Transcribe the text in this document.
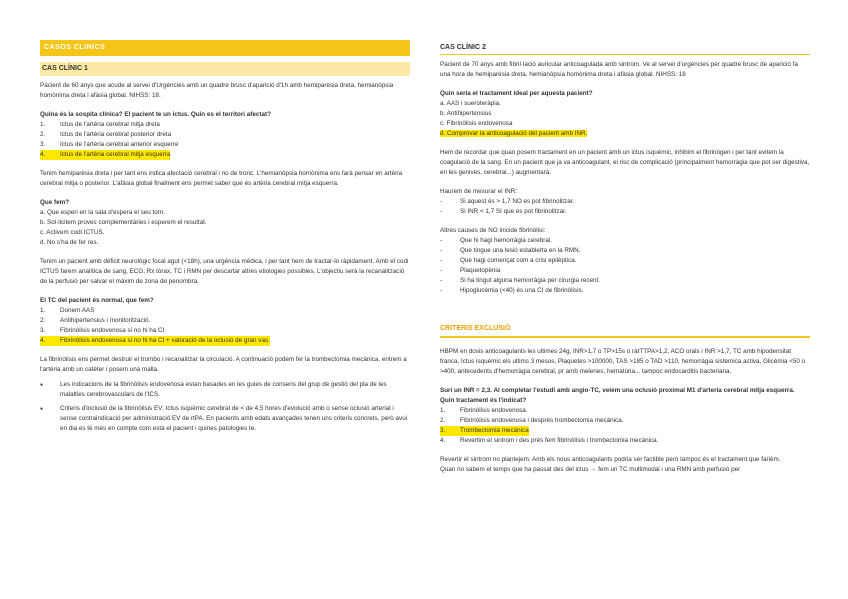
CASOS CLINICS
CAS CLÍNIC 1

Pacient de 60 anys que acude al servei d'Urgències amb un quadre brusc d'aparició d'1h amb hemiparèsia dreta, hemianòpsia homònima dreta i afàsia global. NIHSS: 18.

Quina és la sospita clínica? El pacient te un ictus. Quin es el territori afectat?

1.	Ictus de l'artèria cerebral mitja dreta
2.	Ictus de l'artèria cerebral posterior dreta
3.	Ictus de l'artèria cerebral anterior esquerre
4.	Ictus de l'artèria cerebral mitja esquerra

Tenim hemiparèsia dreta i per tant ens indica afectació cerebral i no de tronc. L'hemianòpsia homònima ens farà pensar en artèria cerebral mitja o posterior. L'afàsia global finalment ens permet saber que és artèria cerebral mitja esquerra.

Que fem?

a. Que esperi en la sala d'espera el seu torn.

b. Sol·licitem proves complementàries i esperem el resultat.

c. Activem codi ICTUS.

d. No s'ha de fer res.

Tenim un pacient amb dèficit neurològic focal agut (<18h), una urgència mèdica, i per tant hem de tractar-lo ràpidament. Amb el codi ICTUS farem analítica de sang, ECG, Rx tòrax, TC i RMN per descartar altres etiologies possibles. L'objectiu serà la recanalització de la perfusió per salvar el màxim de zona de penombra.

El TC del pacient és normal, que fem?

1.	Donem AAS
2.	Antihipertensius i monitorització.
3.	Fibrinòlisis endovenosa si no hi ha CI
4.	Fibrinòlisis endovenosa si no hi ha CI + valoració de la oclusió de gran vas.

La fibrinòlisis ens permet destruir el trombo i recanalitzar la circulació. A continuació podem fer la trombectomia mecànica, entrem a l'artèria amb un catèter i posem una malla.

●
Les indicacions de la fibrinòlisis endovenosa estan basades en les guies de consens del grup de gestió del pla de les malalties cerebrovasculars de l'ICS.
●
Criteris d'inclusió de la fibrinòlisis EV: Ictus isquèmic cerebral de < de 4,5 hores d'evolució amb o sense oclusió arterial i sense contraindicació per administració EV de rtPA. En pacients amb edats avançades tenen uns criteris concrets, però avui en dia es té més en compte com està el pacient i quines patologies te.
CAS CLÍNIC 2

Pacient de 70 anys amb fibril·lació auricular anticoagulada amb sintrom. Ve al servei d'urgències per quadre brusc de aparició fa una hora de hemiparèsia dreta, hemianòpsia homònima dreta i afàsia global. NIHSS: 18

Quin seria el tractament ideal per aquesta pacient?

a. AAS i sueroteràpia.

b. Antihipertensius

c. Fibrinòlisis endovenosa

d. Comprovar la anticoagulació del pacient amb INR.

Hem de recordar que quan posem tractament en un pacient amb un ictus isquèmic, inhibim el fibrinògen i per tant evitem la coagulació de la sang. En un pacient que ja va anticoagulant, el risc de complicació (principalment hemorràgia que pot ser digestiva, en les genives, cerebral...) augmentarà.

Haurem de mesurar el INR:

-	Si aquest és > 1,7 NO es pot fibrinolitzar.
-	Si INR < 1,7 SI que es pot fibrinolitzar.

Altres causes de NO inicide fibrinòlisi:

-	Que hi hagi hemorràgia cerebral.
-	Que tingue una lesió establerta en la RMN.
-	Que hagi començat com a crisi epilèptica.
-	Plaquetopènia
-	Si ha tingut alguna hemorràgia per cirurgia recent.
-	Hipoglucèmia (<40) és una CI de fibrinòlisis.
CRITERIS EXCLUSIÓ

HBPM en dosis anticoagulants les ultimes 24g, INR>1,7 o TP>15s o ràtTTPA>1,2, ACO orals i INR >1,7, TC amb hipodensitat franca, Ictus isquèmic els ultims 3 mesos, Plaquetes >100000, TAS >185 o TAD >110, hemorràgia sistèmica activa, Glicèmia <50 o >400, antecedents d'hemorràgia cerebral, pr amb melenes, hematúria... tampoc endocarditis bacteriana.

Suri un INR = 2,3. Al completar l'estudi amb angio-TC, veiem una oclusió proximal M1 d'arteria cerebral mitja esquerra. Quin tractament és l'indicat?

1.	Fibrinòlisis endovenosa.
2.	Fibrinòlisis endovenosa i després trombectomia mecànica.
3.	Trombectomia mecànica
4.	Revertim el sintrom i des prés fem fibrinòlisis i trombectomia mecànica.

Revertir el sintrom no plantejem. Amb els nous anticoagulants podria ser factible però tampoc és el tractament que farièm.

Quan no sabem el temps que ha passat des del ictus → fem un TC multimodal i una RMN amb perfusió per
